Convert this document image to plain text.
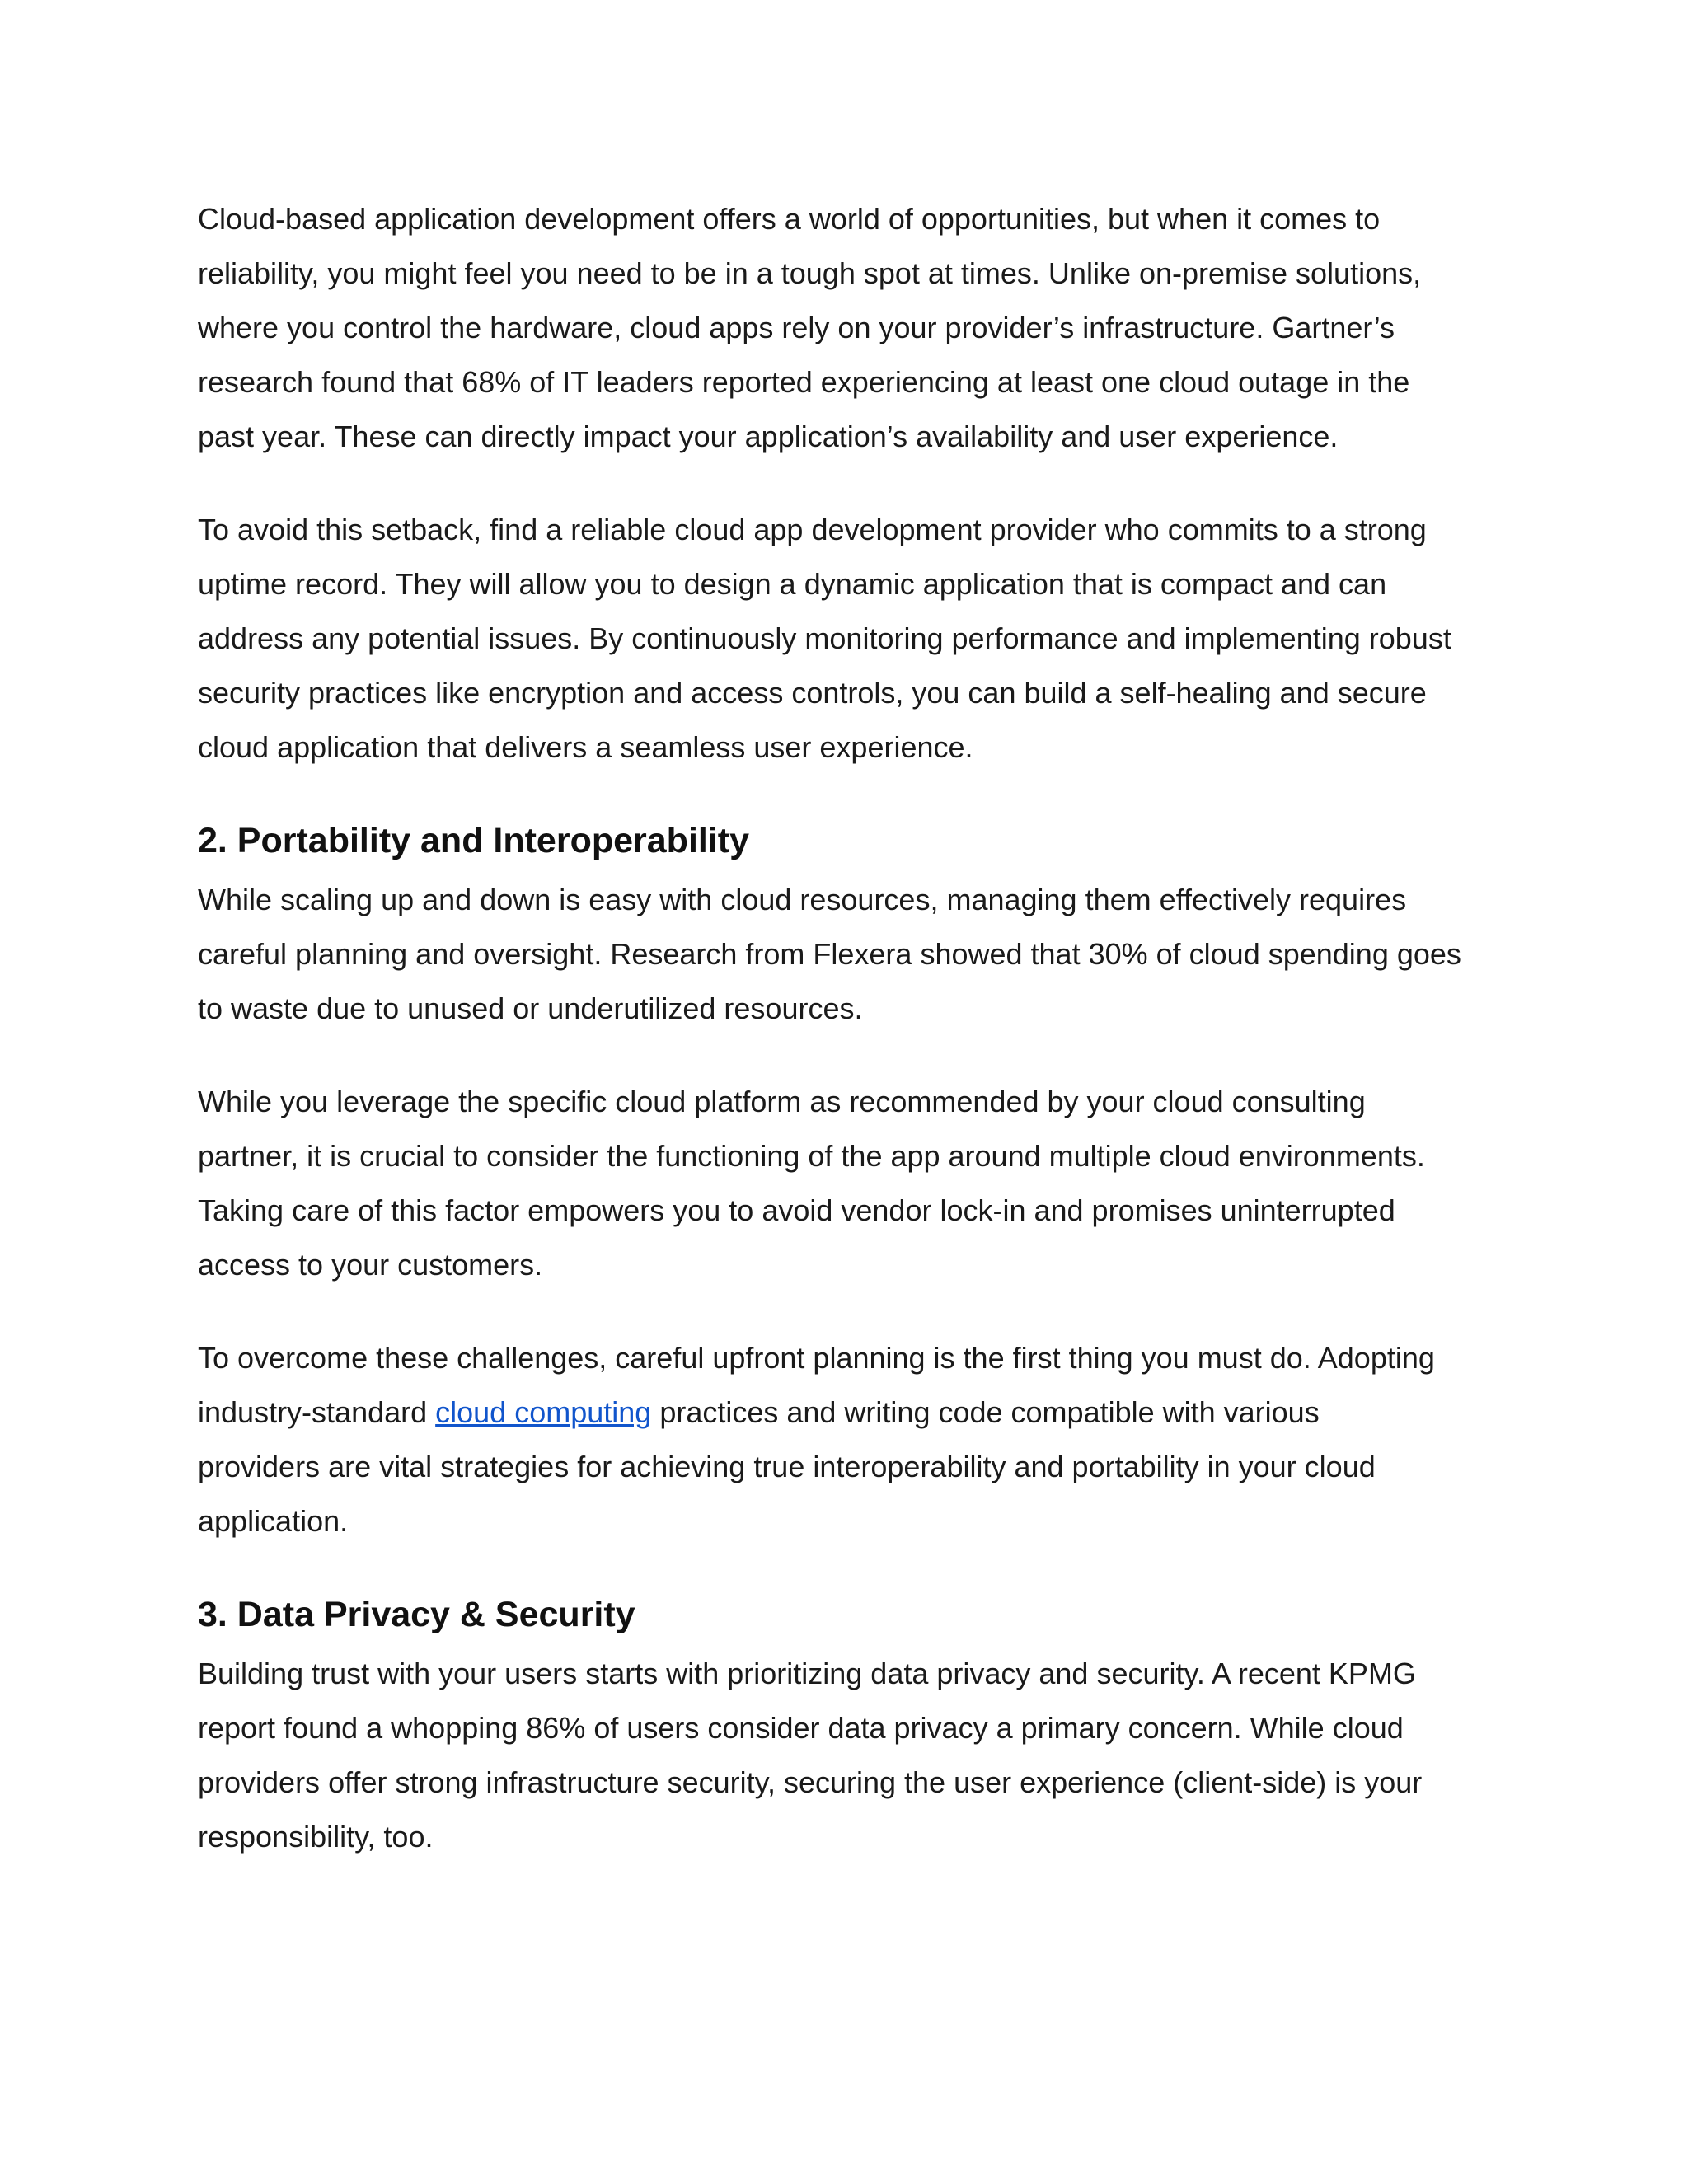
Cloud-based application development offers a world of opportunities, but when it comes to
reliability, you might feel you need to be in a tough spot at times. Unlike on-premise solutions,
where you control the hardware, cloud apps rely on your provider’s infrastructure. Gartner’s
research found that 68% of IT leaders reported experiencing at least one cloud outage in the
past year. These can directly impact your application’s availability and user experience.

To avoid this setback, find a reliable cloud app development provider who commits to a strong
uptime record. They will allow you to design a dynamic application that is compact and can
address any potential issues. By continuously monitoring performance and implementing robust
security practices like encryption and access controls, you can build a self-healing and secure
cloud application that delivers a seamless user experience.

2. Portability and Interoperability

While scaling up and down is easy with cloud resources, managing them effectively requires
careful planning and oversight. Research from Flexera showed that 30% of cloud spending goes
to waste due to unused or underutilized resources.

While you leverage the specific cloud platform as recommended by your cloud consulting
partner, it is crucial to consider the functioning of the app around multiple cloud environments.
Taking care of this factor empowers you to avoid vendor lock-in and promises uninterrupted
access to your customers.

To overcome these challenges, careful upfront planning is the first thing you must do. Adopting
industry-standard cloud computing practices and writing code compatible with various
providers are vital strategies for achieving true interoperability and portability in your cloud
application.

3. Data Privacy & Security

Building trust with your users starts with prioritizing data privacy and security. A recent KPMG
report found a whopping 86% of users consider data privacy a primary concern. While cloud
providers offer strong infrastructure security, securing the user experience (client-side) is your
responsibility, too.
